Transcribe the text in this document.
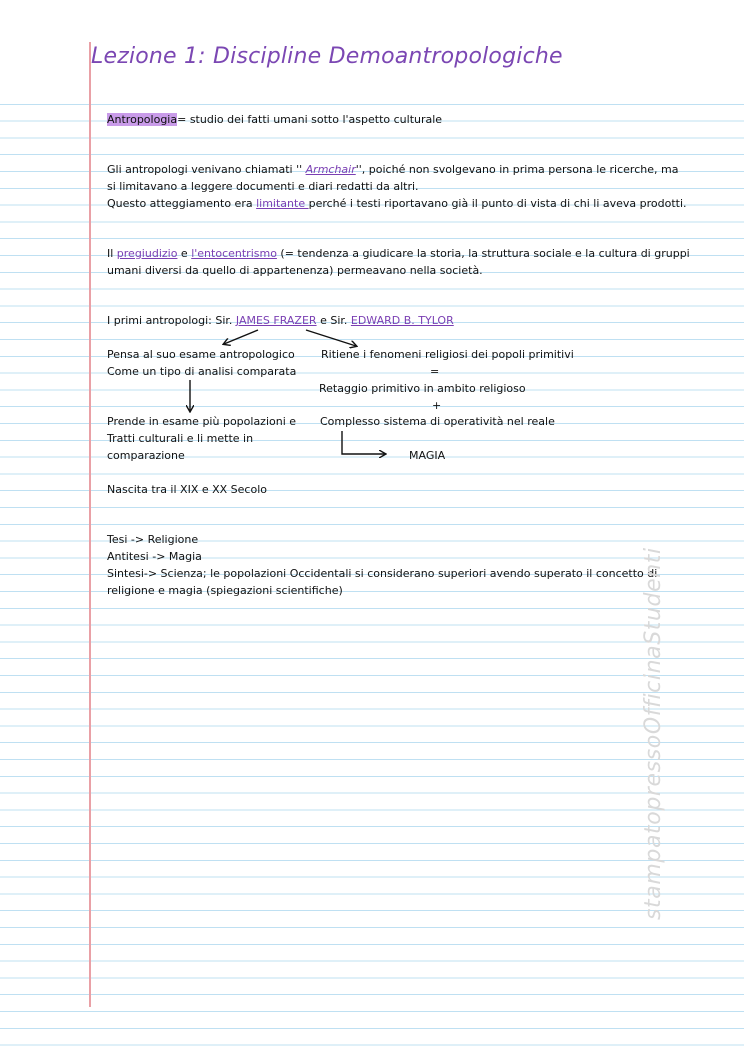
Lezione 1: Discipline Demoantropologiche
Antropologia= studio dei fatti umani sotto l'aspetto culturale
Gli antropologi venivano chiamati '' Armchair'', poiché non svolgevano in prima persona le ricerche, ma
si limitavano a leggere documenti e diari redatti da altri.
Questo atteggiamento era limitante perché i testi riportavano già il punto di vista di chi li aveva prodotti.
Il pregiudizio e l'entocentrismo (= tendenza a giudicare la storia, la struttura sociale e la cultura di gruppi
umani diversi da quello di appartenenza) permeavano nella società.
I primi antropologi: Sir. JAMES FRAZER e Sir. EDWARD B. TYLOR
Pensa al suo esame antropologico
Come un tipo di analisi comparata
Prende in esame più popolazioni e
Tratti culturali e li mette in
comparazione
Ritiene i fenomeni religiosi dei popoli primitivi
=
Retaggio primitivo in ambito religioso
+
Complesso sistema di operatività nel reale
MAGIA
Nascita tra il XIX e XX Secolo
Tesi -> Religione
Antitesi -> Magia
Sintesi-> Scienza; le popolazioni Occidentali si considerano superiori avendo superato il concetto di
religione e magia (spiegazioni scientifiche)	stampatopressoOfficinaStudenti
